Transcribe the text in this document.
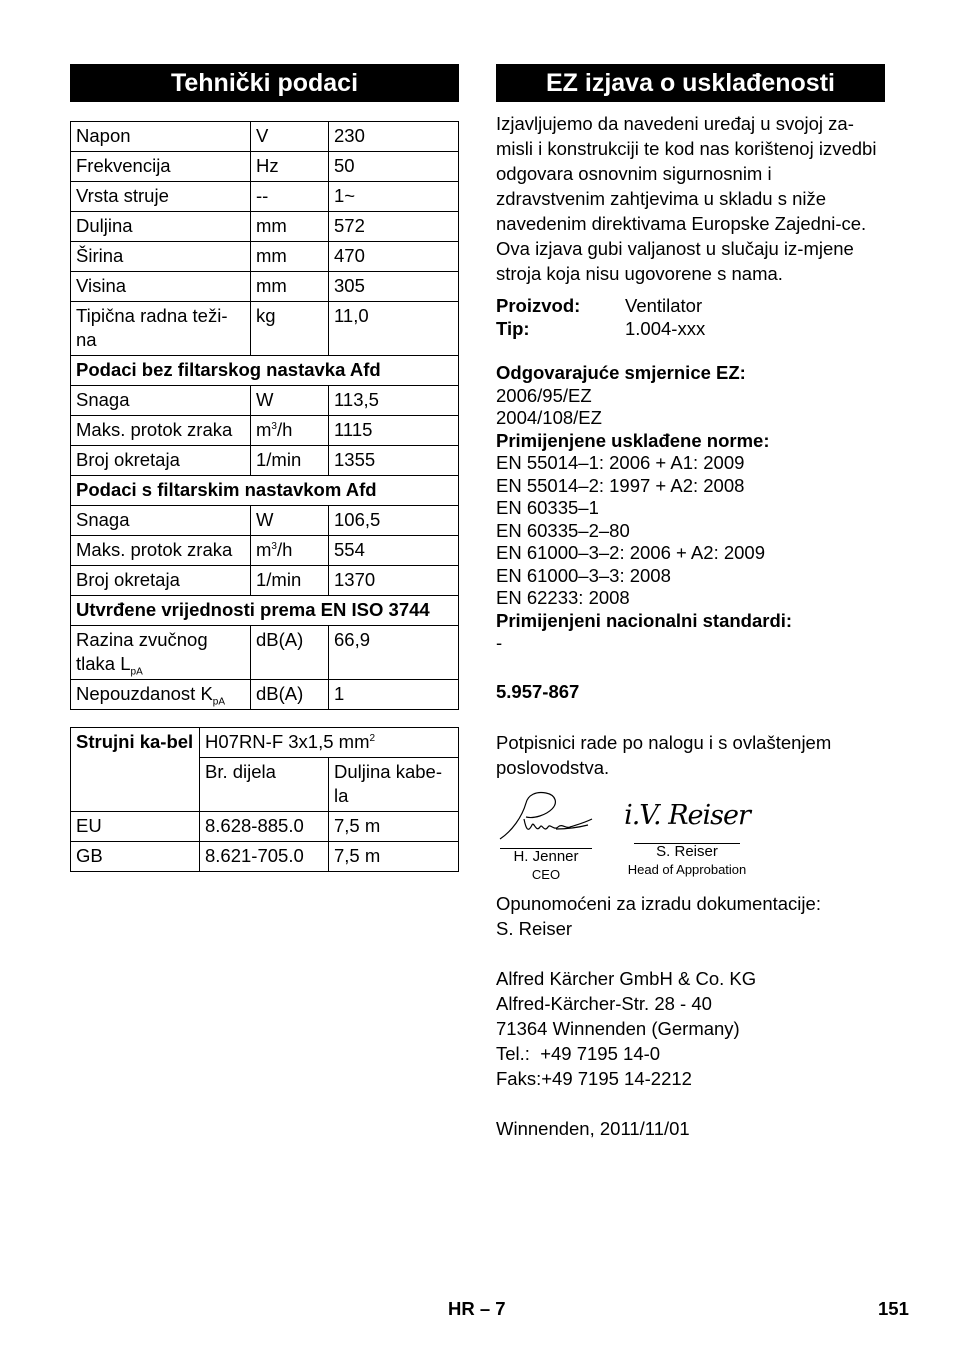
Tehnički podaci
Napon	V	230
Frekvencija	Hz	50
Vrsta struje	--	1~
Duljina	mm	572
Širina	mm	470
Visina	mm	305
Tipična radna teži-na	kg	11,0
Podaci bez filtarskog nastavka Afd		
Snaga	W	113,5
Maks. protok zraka	$m^3/h$	1115
Broj okretaja	1/min	1355
Podaci s filtarskim nastavkom Afd		
Snaga	W	106,5
Maks. protok zraka	$m^3/h$	554
Broj okretaja	1/min	1370
Utvrđene vrijednosti prema EN ISO 3744		
Razina zvučnog tlaka $L_{pA}$	dB(A)	66,9
Nepouzdanost $K_{pA}$	dB(A)	1
Strujni ka-bel	H07RN-F 3x1,5 $mm^2$
	Br. dijela	Duljina kabe-la
EU	8.628-885.0	7,5 m
GB	8.621-705.0	7,5 m
EZ izjava o usklađenosti

Izjavljujemo da navedeni uređaj u svojoj za-misli i konstrukciji te kod nas korištenoj izvedbi odgovara osnovnim sigurnosnim i zdravstvenim zahtjevima u skladu s niže navedenim direktivama Europske Zajedni-ce. Ova izjava gubi valjanost u slučaju iz-mjene stroja koja nisu ugovorene s nama.

Proizvod:	Ventilator
Tip:	1.004-xxx
Odgovarajuće smjernice EZ:
2006/95/EZ
2004/108/EZ
Primijenjene usklađene norme:
EN 55014–1: 2006 + A1: 2009
EN 55014–2: 1997 + A2: 2008
EN 60335–1
EN 60335–2–80
EN 61000–3–2: 2006 + A2: 2009
EN 61000–3–3: 2008
EN 62233: 2008
Primijenjeni nacionalni standardi:
-
5.957-867

Potpisnici rade po nalogu i s ovlaštenjem poslovodstva.

H. Jenner
CEO
i.V. Reiser
S. Reiser
Head of Approbation
Opunomoćeni za izradu dokumentacije:
S. Reiser
Alfred Kärcher GmbH & Co. KG
Alfred-Kärcher-Str. 28 - 40
71364 Winnenden (Germany)
Tel.:  +49 7195 14-0
Faks:+49 7195 14-2212
Winnenden, 2011/11/01
HR – 7	151
